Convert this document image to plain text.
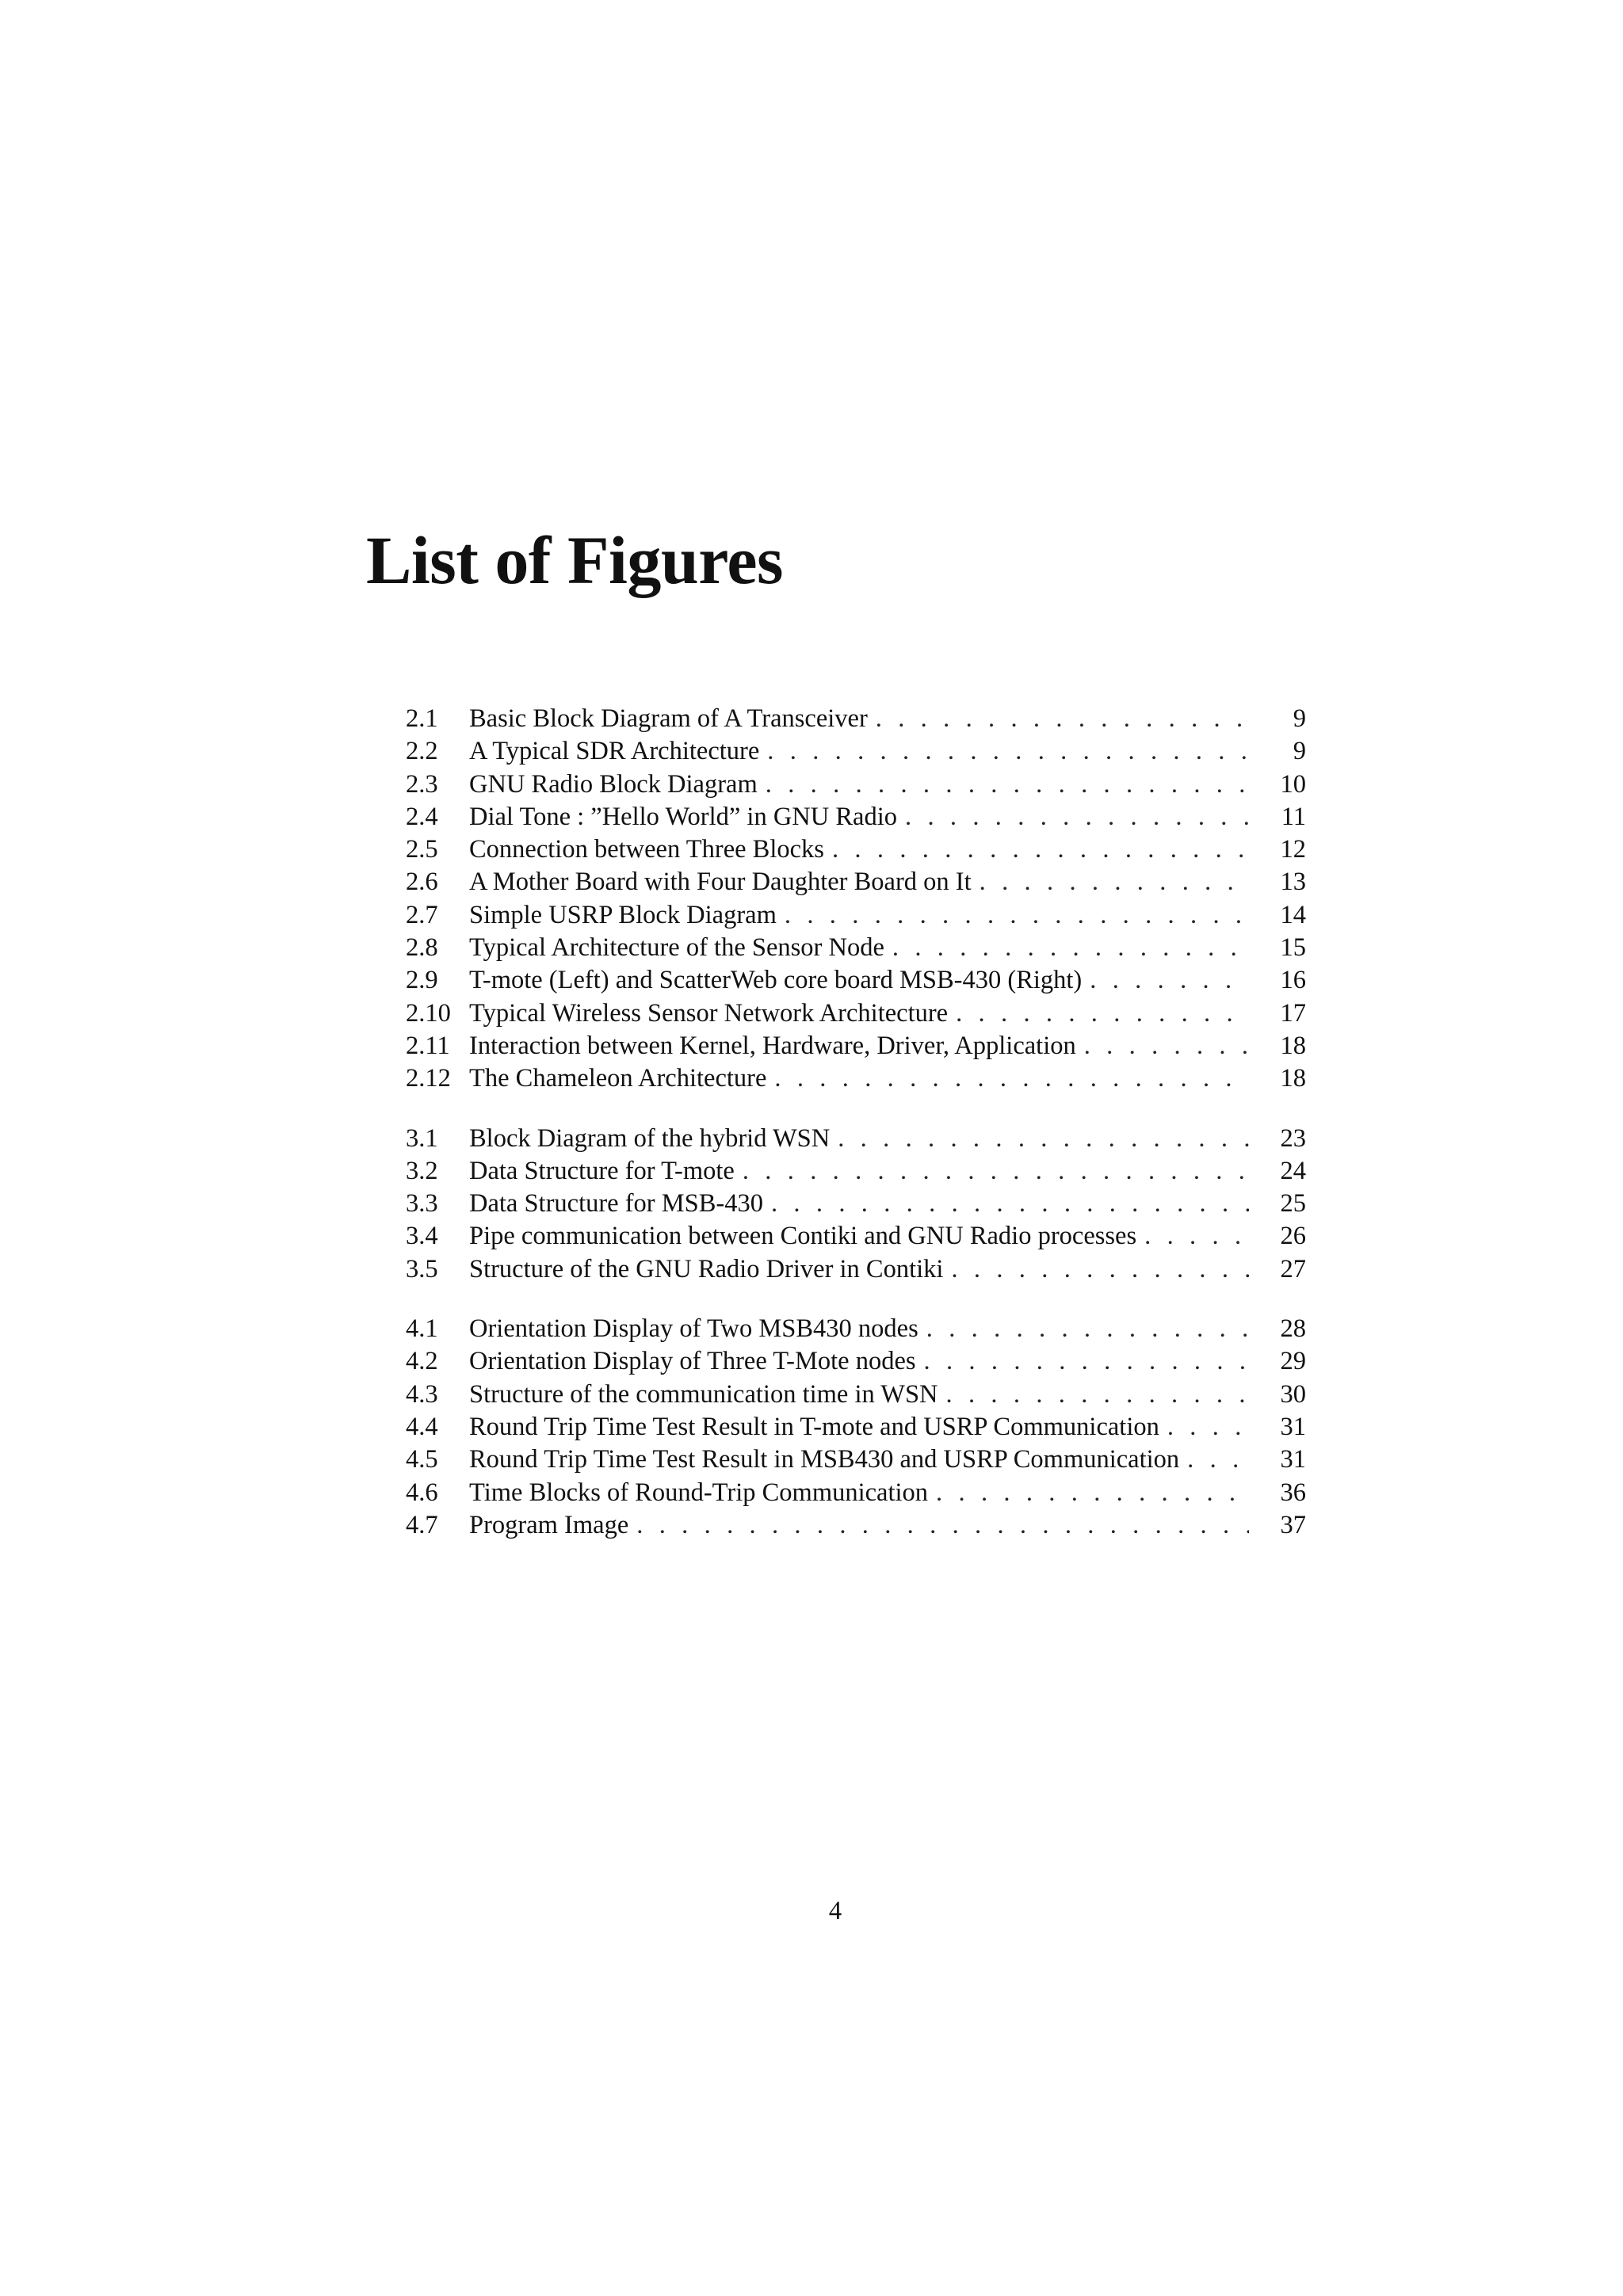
List of Figures
2.1	Basic Block Diagram of A Transceiver . . .	9
2.2	A Typical SDR Architecture . . .	9
2.3	GNU Radio Block Diagram . . .	10
2.4	Dial Tone : ”Hello World” in GNU Radio . . .	11
2.5	Connection between Three Blocks . . .	12
2.6	A Mother Board with Four Daughter Board on It . . .	13
2.7	Simple USRP Block Diagram . . .	14
2.8	Typical Architecture of the Sensor Node . . .	15
2.9	T-mote (Left) and ScatterWeb core board MSB-430 (Right) . . .	16
2.10 Typical Wireless Sensor Network Architecture . . .	17
2.11 Interaction between Kernel, Hardware, Driver, Application . . .	18
2.12 The Chameleon Architecture . . .	18
3.1	Block Diagram of the hybrid WSN . . .	23
3.2	Data Structure for T-mote . . .	24
3.3	Data Structure for MSB-430 . . .	25
3.4	Pipe communication between Contiki and GNU Radio processes . . .	26
3.5	Structure of the GNU Radio Driver in Contiki . . .	27
4.1	Orientation Display of Two MSB430 nodes . . .	28
4.2	Orientation Display of Three T-Mote nodes . . .	29
4.3	Structure of the communication time in WSN . . .	30
4.4	Round Trip Time Test Result in T-mote and USRP Communication . . .	31
4.5	Round Trip Time Test Result in MSB430 and USRP Communication . . .	31
4.6	Time Blocks of Round-Trip Communication . . .	36
4.7	Program Image . . .	37
4
